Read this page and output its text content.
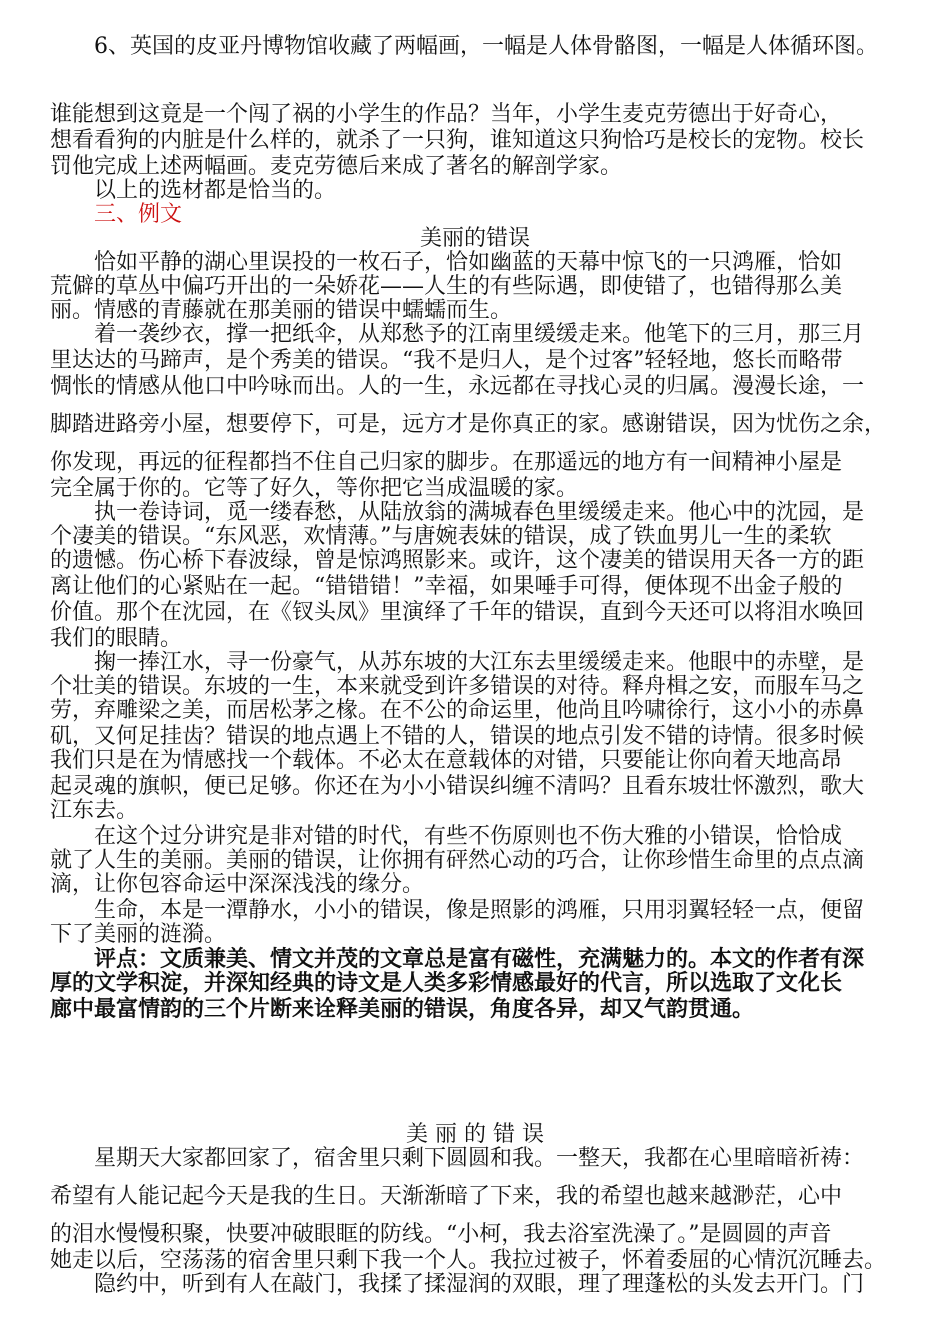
6、英国的皮亚丹博物馆收藏了两幅画，一幅是人体骨骼图，一幅是人体循环图。
谁能想到这竟是一个闯了祸的小学生的作品？当年，小学生麦克劳德出于好奇心，
想看看狗的内脏是什么样的，就杀了一只狗，谁知道这只狗恰巧是校长的宠物。校长
罚他完成上述两幅画。麦克劳德后来成了著名的解剖学家。
以上的选材都是恰当的。
三、例文
美丽的错误
恰如平静的湖心里误投的一枚石子，恰如幽蓝的天幕中惊飞的一只鸿雁，恰如
荒僻的草丛中偏巧开出的一朵娇花——人生的有些际遇，即使错了，也错得那么美
丽。情感的青藤就在那美丽的错误中蠕蠕而生。
着一袭纱衣，撑一把纸伞，从郑愁予的江南里缓缓走来。他笔下的三月，那三月
里达达的马蹄声，是个秀美的错误。“我不是归人，是个过客”轻轻地，悠长而略带
惆怅的情感从他口中吟咏而出。人的一生，永远都在寻找心灵的归属。漫漫长途，一
脚踏进路旁小屋，想要停下，可是，远方才是你真正的家。感谢错误，因为忧伤之余，
你发现，再远的征程都挡不住自己归家的脚步。在那遥远的地方有一间精神小屋是
完全属于你的。它等了好久，等你把它当成温暖的家。
执一卷诗词，觅一缕春愁，从陆放翁的满城春色里缓缓走来。他心中的沈园，是
个凄美的错误。“东风恶，欢情薄。”与唐婉表妹的错误，成了铁血男儿一生的柔软
的遗憾。伤心桥下春波绿，曾是惊鸿照影来。或许，这个凄美的错误用天各一方的距
离让他们的心紧贴在一起。“错错错！”幸福，如果唾手可得，便体现不出金子般的
价值。那个在沈园，在《钗头凤》里演绎了千年的错误，直到今天还可以将泪水唤回
我们的眼睛。
掬一捧江水，寻一份豪气，从苏东坡的大江东去里缓缓走来。他眼中的赤壁，是
个壮美的错误。东坡的一生，本来就受到许多错误的对待。释舟楫之安，而服车马之
劳，弃雕梁之美，而居松茅之椽。在不公的命运里，他尚且吟啸徐行，这小小的赤鼻
矶，又何足挂齿？错误的地点遇上不错的人，错误的地点引发不错的诗情。很多时候
我们只是在为情感找一个载体。不必太在意载体的对错，只要能让你向着天地高昂
起灵魂的旗帜，便已足够。你还在为小小错误纠缠不清吗？且看东坡壮怀激烈，歌大
江东去。
在这个过分讲究是非对错的时代，有些不伤原则也不伤大雅的小错误，恰恰成
就了人生的美丽。美丽的错误，让你拥有砰然心动的巧合，让你珍惜生命里的点点滴
滴，让你包容命运中深深浅浅的缘分。
生命，本是一潭静水，小小的错误，像是照影的鸿雁，只用羽翼轻轻一点，便留
下了美丽的涟漪。
评点：文质兼美、情文并茂的文章总是富有磁性，充满魅力的。本文的作者有深
厚的文学积淀，并深知经典的诗文是人类多彩情感最好的代言，所以选取了文化长
廊中最富情韵的三个片断来诠释美丽的错误，角度各异，却又气韵贯通。
美 丽 的 错 误
星期天大家都回家了，宿舍里只剩下圆圆和我。一整天，我都在心里暗暗祈祷：
希望有人能记起今天是我的生日。天渐渐暗了下来，我的希望也越来越渺茫，心中
的泪水慢慢积聚，快要冲破眼眶的防线。“小柯，我去浴室洗澡了。”是圆圆的声音
她走以后，空荡荡的宿舍里只剩下我一个人。我拉过被子，怀着委屈的心情沉沉睡去。
隐约中，听到有人在敲门，我揉了揉湿润的双眼，理了理蓬松的头发去开门。门
